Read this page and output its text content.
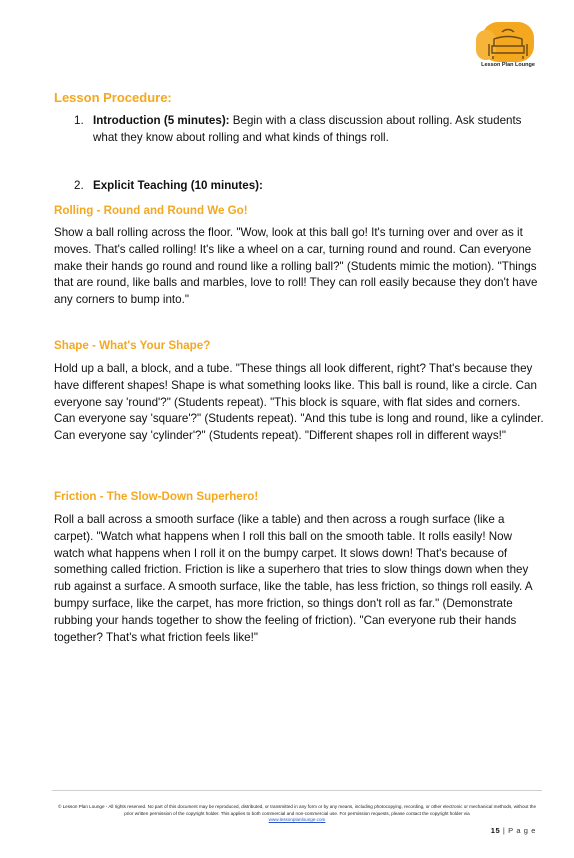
Lesson Plan Lounge
Lesson Procedure:
1. Introduction (5 minutes): Begin with a class discussion about rolling. Ask students what they know about rolling and what kinds of things roll.
2. Explicit Teaching (10 minutes):
Rolling - Round and Round We Go!
Show a ball rolling across the floor. "Wow, look at this ball go! It's turning over and over as it moves. That's called rolling! It's like a wheel on a car, turning round and round. Can everyone make their hands go round and round like a rolling ball?" (Students mimic the motion). "Things that are round, like balls and marbles, love to roll! They can roll easily because they don't have any corners to bump into."
Shape - What's Your Shape?
Hold up a ball, a block, and a tube. "These things all look different, right? That's because they have different shapes! Shape is what something looks like. This ball is round, like a circle. Can everyone say 'round'?" (Students repeat). "This block is square, with flat sides and corners. Can everyone say 'square'?" (Students repeat). "And this tube is long and round, like a cylinder. Can everyone say 'cylinder'?" (Students repeat). "Different shapes roll in different ways!"
Friction - The Slow-Down Superhero!
Roll a ball across a smooth surface (like a table) and then across a rough surface (like a carpet). "Watch what happens when I roll this ball on the smooth table. It rolls easily! Now watch what happens when I roll it on the bumpy carpet. It slows down! That's because of something called friction. Friction is like a superhero that tries to slow things down when they rub against a surface. A smooth surface, like the table, has less friction, so things roll easily. A bumpy surface, like the carpet, has more friction, so things don't roll as far." (Demonstrate rubbing your hands together to show the feeling of friction). "Can everyone rub their hands together? That's what friction feels like!"
© Lesson Plan Lounge - All rights reserved. No part of this document may be reproduced, distributed, or transmitted in any form or by any means, including photocopying, recording, or other electronic or mechanical methods, without the prior written permission of the copyright holder. This applies to both commercial and non-commercial use. For permission requests, please contact the copyright holder via
www.lessonplanlounge.com
15 | P a g e
